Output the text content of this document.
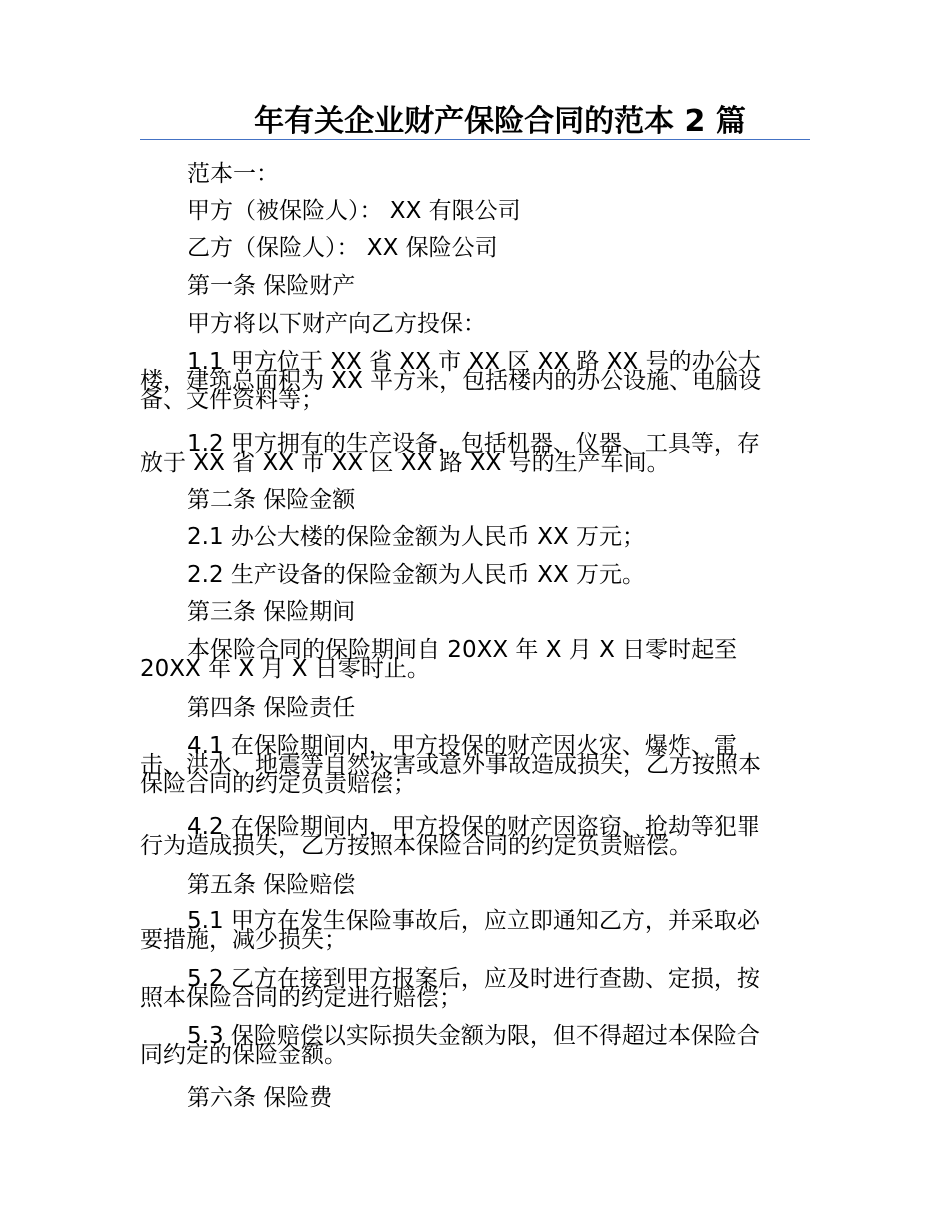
年有关企业财产保险合同的范本 2 篇
范本一：
甲方（被保险人）： XX 有限公司
乙方（保险人）： XX 保险公司
第一条 保险财产
甲方将以下财产向乙方投保：
1.1 甲方位于 XX 省 XX 市 XX 区 XX 路 XX 号的办公大
楼，建筑总面积为 XX 平方米，包括楼内的办公设施、电脑设
备、文件资料等；
1.2 甲方拥有的生产设备，包括机器、仪器、工具等，存
放于 XX 省 XX 市 XX 区 XX 路 XX 号的生产车间。
第二条 保险金额
2.1 办公大楼的保险金额为人民币 XX 万元；
2.2 生产设备的保险金额为人民币 XX 万元。
第三条 保险期间
本保险合同的保险期间自 20XX 年 X 月 X 日零时起至
20XX 年 X 月 X 日零时止。
第四条 保险责任
4.1 在保险期间内，甲方投保的财产因火灾、爆炸、雷
击、洪水、地震等自然灾害或意外事故造成损失，乙方按照本
保险合同的约定负责赔偿；
4.2 在保险期间内，甲方投保的财产因盗窃、抢劫等犯罪
行为造成损失，乙方按照本保险合同的约定负责赔偿。
第五条 保险赔偿
5.1 甲方在发生保险事故后，应立即通知乙方，并采取必
要措施，减少损失；
5.2 乙方在接到甲方报案后，应及时进行查勘、定损，按
照本保险合同的约定进行赔偿；
5.3 保险赔偿以实际损失金额为限，但不得超过本保险合
同约定的保险金额。
第六条 保险费
